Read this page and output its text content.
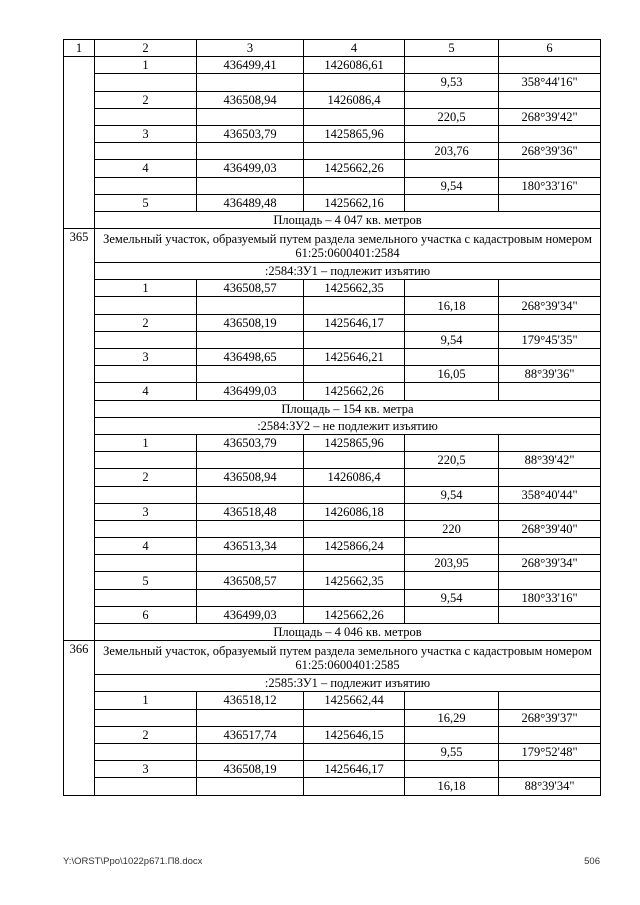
1	2	3	4	5	6
	1	436499,41	1426086,61		
				9,53	358°44'16"
	2	436508,94	1426086,4		
				220,5	268°39'42"
	3	436503,79	1425865,96		
				203,76	268°39'36"
	4	436499,03	1425662,26		
				9,54	180°33'16"
	5	436489,48	1425662,16		
	Площадь – 4 047 кв. метров				
365	Земельный участок, образуемый путем раздела земельного участка с кадастровым номером 61:25:0600401:2584				
	:2584:ЗУ1 – подлежит изъятию				
	1	436508,57	1425662,35		
				16,18	268°39'34"
	2	436508,19	1425646,17		
				9,54	179°45'35"
	3	436498,65	1425646,21		
				16,05	88°39'36"
	4	436499,03	1425662,26		
	Площадь – 154 кв. метра				
	:2584:ЗУ2 – не подлежит изъятию				
	1	436503,79	1425865,96		
				220,5	88°39'42"
	2	436508,94	1426086,4		
				9,54	358°40'44"
	3	436518,48	1426086,18		
				220	268°39'40"
	4	436513,34	1425866,24		
				203,95	268°39'34"
	5	436508,57	1425662,35		
				9,54	180°33'16"
	6	436499,03	1425662,26		
	Площадь – 4 046 кв. метров				
366	Земельный участок, образуемый путем раздела земельного участка с кадастровым номером 61:25:0600401:2585				
	:2585:ЗУ1 – подлежит изъятию				
	1	436518,12	1425662,44		
				16,29	268°39'37"
	2	436517,74	1425646,15		
				9,55	179°52'48"
	3	436508,19	1425646,17		
				16,18	88°39'34"
Y:\ORST\Ppo\1022p671.П8.docx	506
